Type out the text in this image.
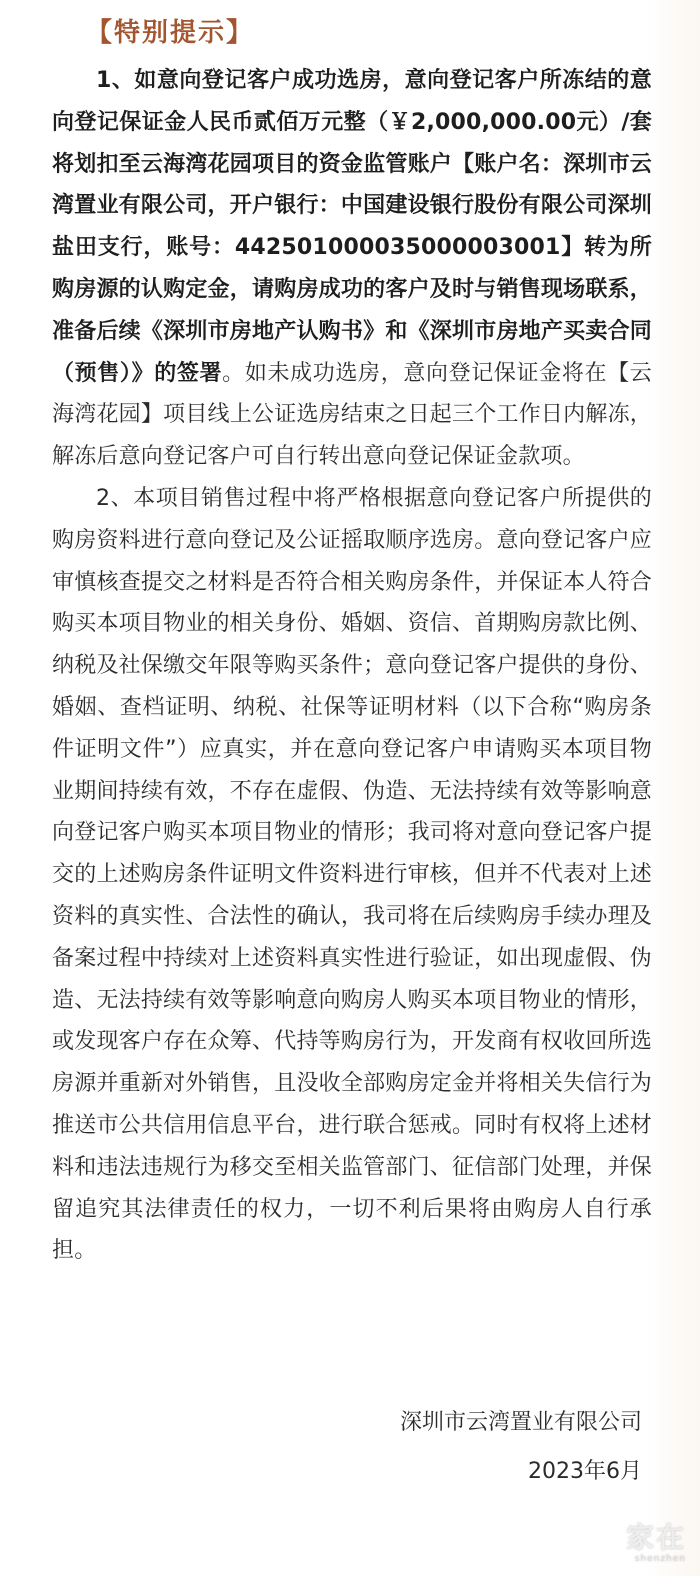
【特别提示】

1、如意向登记客户成功选房，意向登记客户所冻结的意向登记保证金人民币贰佰万元整（￥2,000,000.00元）/套将划扣至云海湾花园项目的资金监管账户【账户名：深圳市云湾置业有限公司，开户银行：中国建设银行股份有限公司深圳盐田支行，账号：442501000035000003001】转为所购房源的认购定金，请购房成功的客户及时与销售现场联系，准备后续《深圳市房地产认购书》和《深圳市房地产买卖合同（预售）》的签署。如未成功选房，意向登记保证金将在【云海湾花园】项目线上公证选房结束之日起三个工作日内解冻，解冻后意向登记客户可自行转出意向登记保证金款项。

2、本项目销售过程中将严格根据意向登记客户所提供的购房资料进行意向登记及公证摇取顺序选房。意向登记客户应审慎核查提交之材料是否符合相关购房条件，并保证本人符合购买本项目物业的相关身份、婚姻、资信、首期购房款比例、纳税及社保缴交年限等购买条件；意向登记客户提供的身份、婚姻、查档证明、纳税、社保等证明材料（以下合称“购房条件证明文件”）应真实，并在意向登记客户申请购买本项目物业期间持续有效，不存在虚假、伪造、无法持续有效等影响意向登记客户购买本项目物业的情形；我司将对意向登记客户提交的上述购房条件证明文件资料进行审核，但并不代表对上述资料的真实性、合法性的确认，我司将在后续购房手续办理及备案过程中持续对上述资料真实性进行验证，如出现虚假、伪造、无法持续有效等影响意向购房人购买本项目物业的情形，或发现客户存在众筹、代持等购房行为，开发商有权收回所选房源并重新对外销售，且没收全部购房定金并将相关失信行为推送市公共信用信息平台，进行联合惩戒。同时有权将上述材料和违法违规行为移交至相关监管部门、征信部门处理，并保留追究其法律责任的权力，一切不利后果将由购房人自行承担。

深圳市云湾置业有限公司
2023年6月
家在
shenzhen
